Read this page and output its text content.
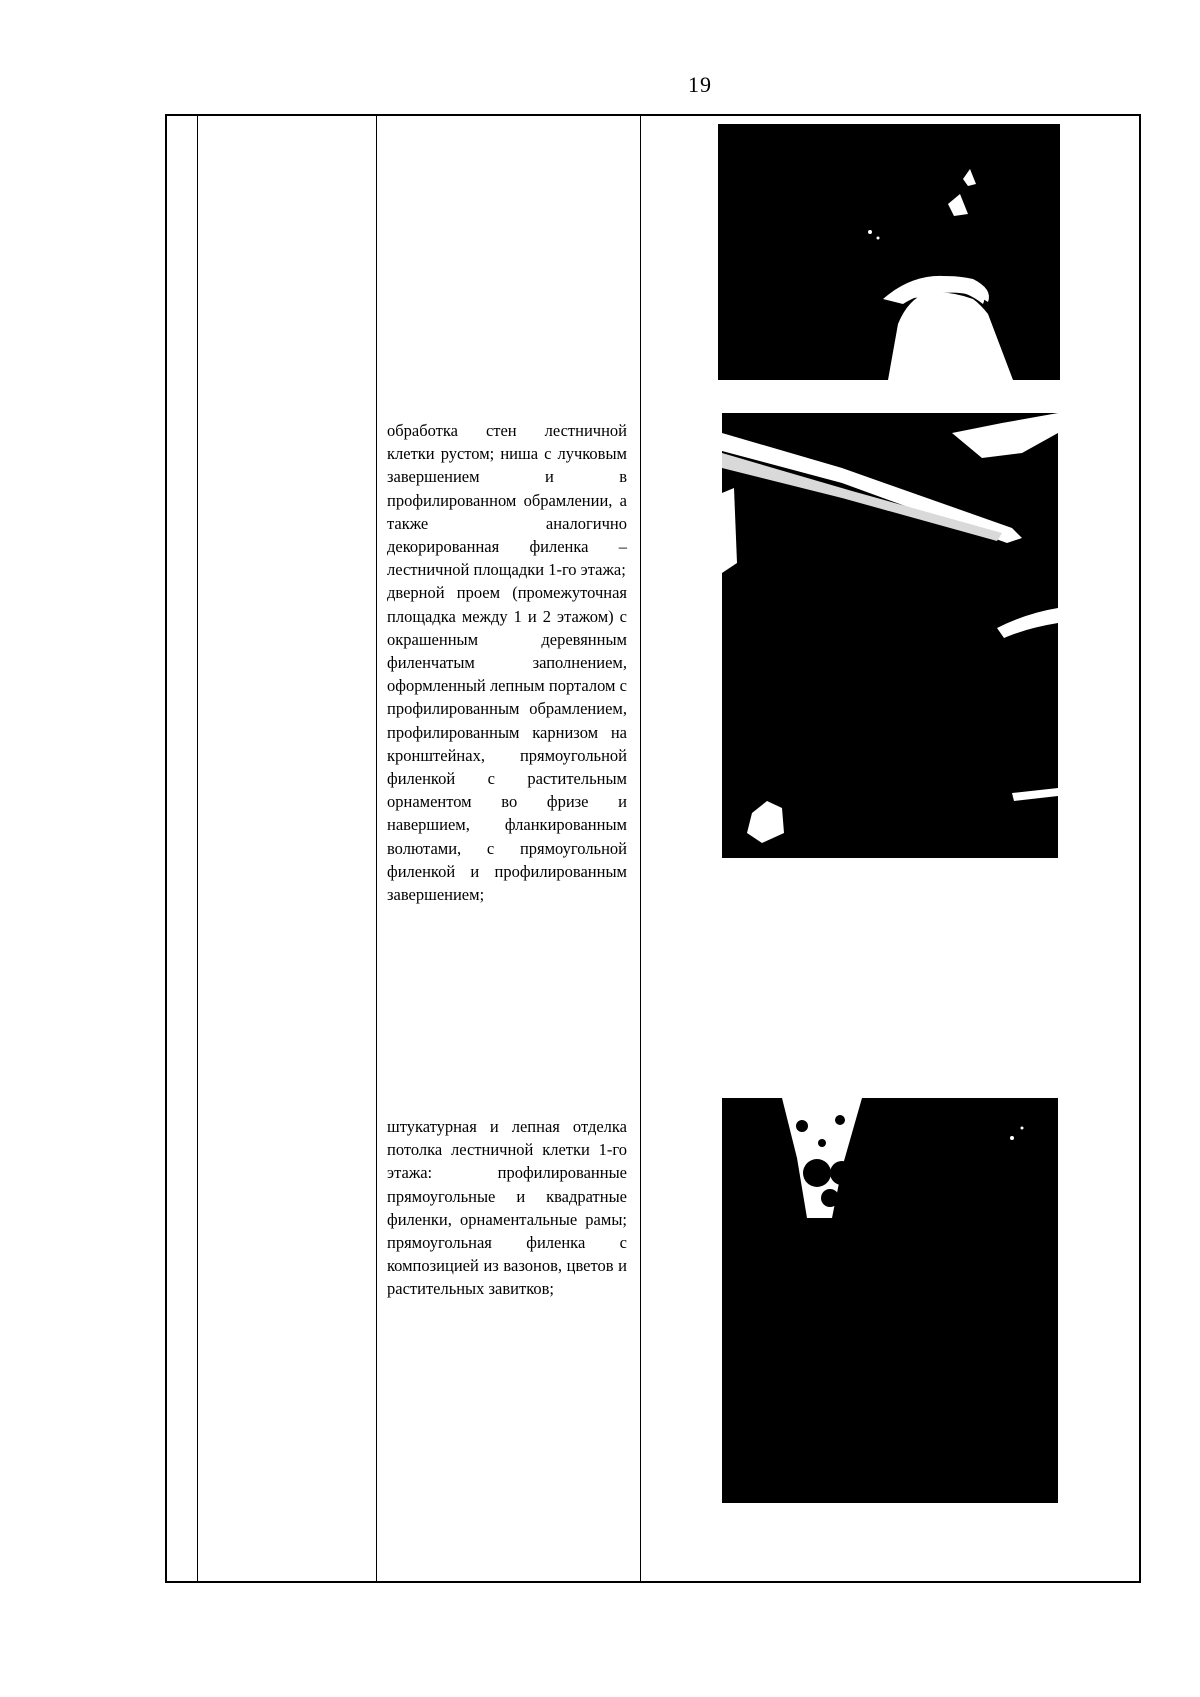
19

обработка стен лестничной клетки рустом; ниша с лучковым завершением и в профилированном обрамлении, а также аналогично декорированная филенка – лестничной площадки 1-го этажа;

дверной проем (промежуточная площадка между 1 и 2 этажом) с окрашенным деревянным филенчатым заполнением, оформленный лепным порталом с профилированным обрамлением, профилированным карнизом на кронштейнах, прямоугольной филенкой с растительным орнаментом во фризе и навершием, фланкированным волютами, с прямоугольной филенкой и профилированным завершением;

штукатурная и лепная отделка потолка лестничной клетки 1-го этажа: профилированные прямоугольные и квадратные филенки, орнаментальные рамы; прямоугольная филенка с композицией из вазонов, цветов и растительных завитков;
